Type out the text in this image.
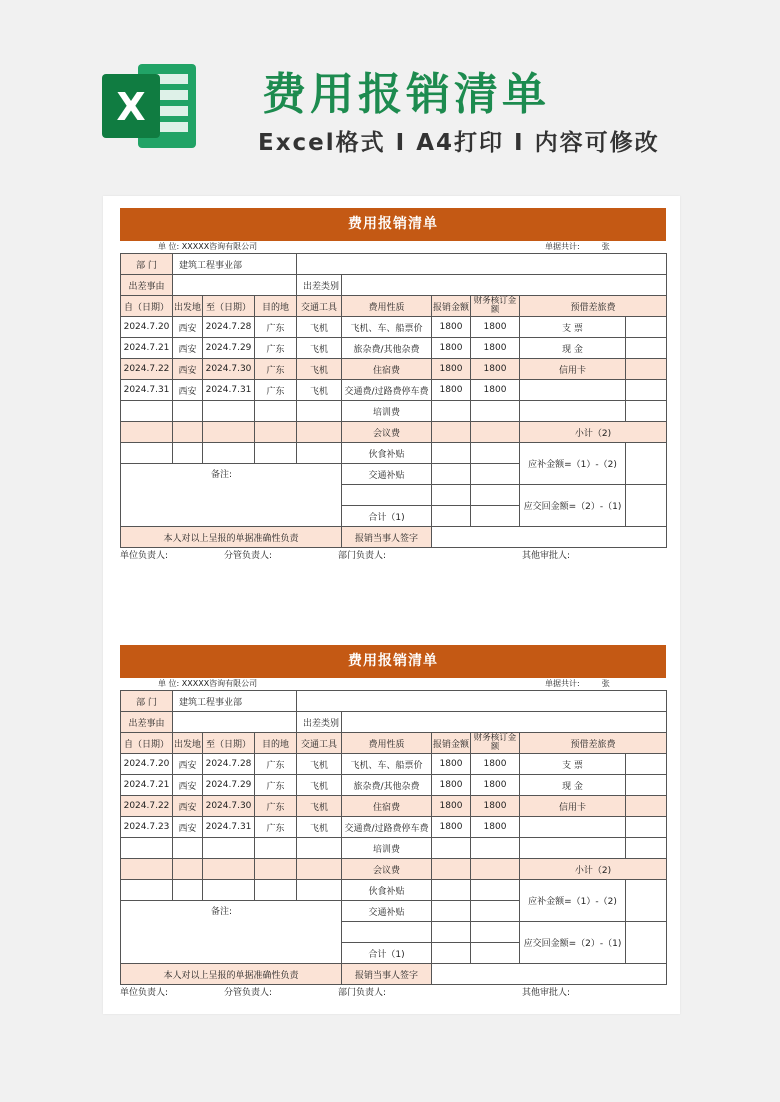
X	费用报销清单
Excel格式 I A4打印 I 内容可修改
费用报销清单
单 位: XXXXX咨询有限公司	单据共计:	张
部 门	建筑工程事业部								
出差事由				出差类别					
自（日期）	出发地	至（日期）	目的地	交通工具	费用性质	报销金额	财务核订金额	预借差旅费	
2024.7.20	西安	2024.7.28	广东	飞机	飞机、车、船票价	1800	1800	支 票	
2024.7.21	西安	2024.7.29	广东	飞机	旅杂费/其他杂费	1800	1800	现 金	
2024.7.22	西安	2024.7.30	广东	飞机	住宿费	1800	1800	信用卡	
2024.7.31	西安	2024.7.31	广东	飞机	交通费/过路费停车费	1800	1800		
					培训费				
					会议费			小计（2)	
					伙食补贴			应补金额=（1）-（2)	
备注:					交通补贴				
								应交回金额=（2）-（1)	
					合计（1)				
本人对以上呈报的单据准确性负责					报销当事人签字				
单位负责人:	分管负责人:	部门负责人:	其他审批人:
费用报销清单
单 位: XXXXX咨询有限公司	单据共计:	张
部 门	建筑工程事业部								
出差事由				出差类别					
自（日期）	出发地	至（日期）	目的地	交通工具	费用性质	报销金额	财务核订金额	预借差旅费	
2024.7.20	西安	2024.7.28	广东	飞机	飞机、车、船票价	1800	1800	支 票	
2024.7.21	西安	2024.7.29	广东	飞机	旅杂费/其他杂费	1800	1800	现 金	
2024.7.22	西安	2024.7.30	广东	飞机	住宿费	1800	1800	信用卡	
2024.7.23	西安	2024.7.31	广东	飞机	交通费/过路费停车费	1800	1800		
					培训费				
					会议费			小计（2)	
					伙食补贴			应补金额=（1）-（2)	
备注:					交通补贴				
								应交回金额=（2）-（1)	
					合计（1)				
本人对以上呈报的单据准确性负责					报销当事人签字				
单位负责人:	分管负责人:	部门负责人:	其他审批人:
